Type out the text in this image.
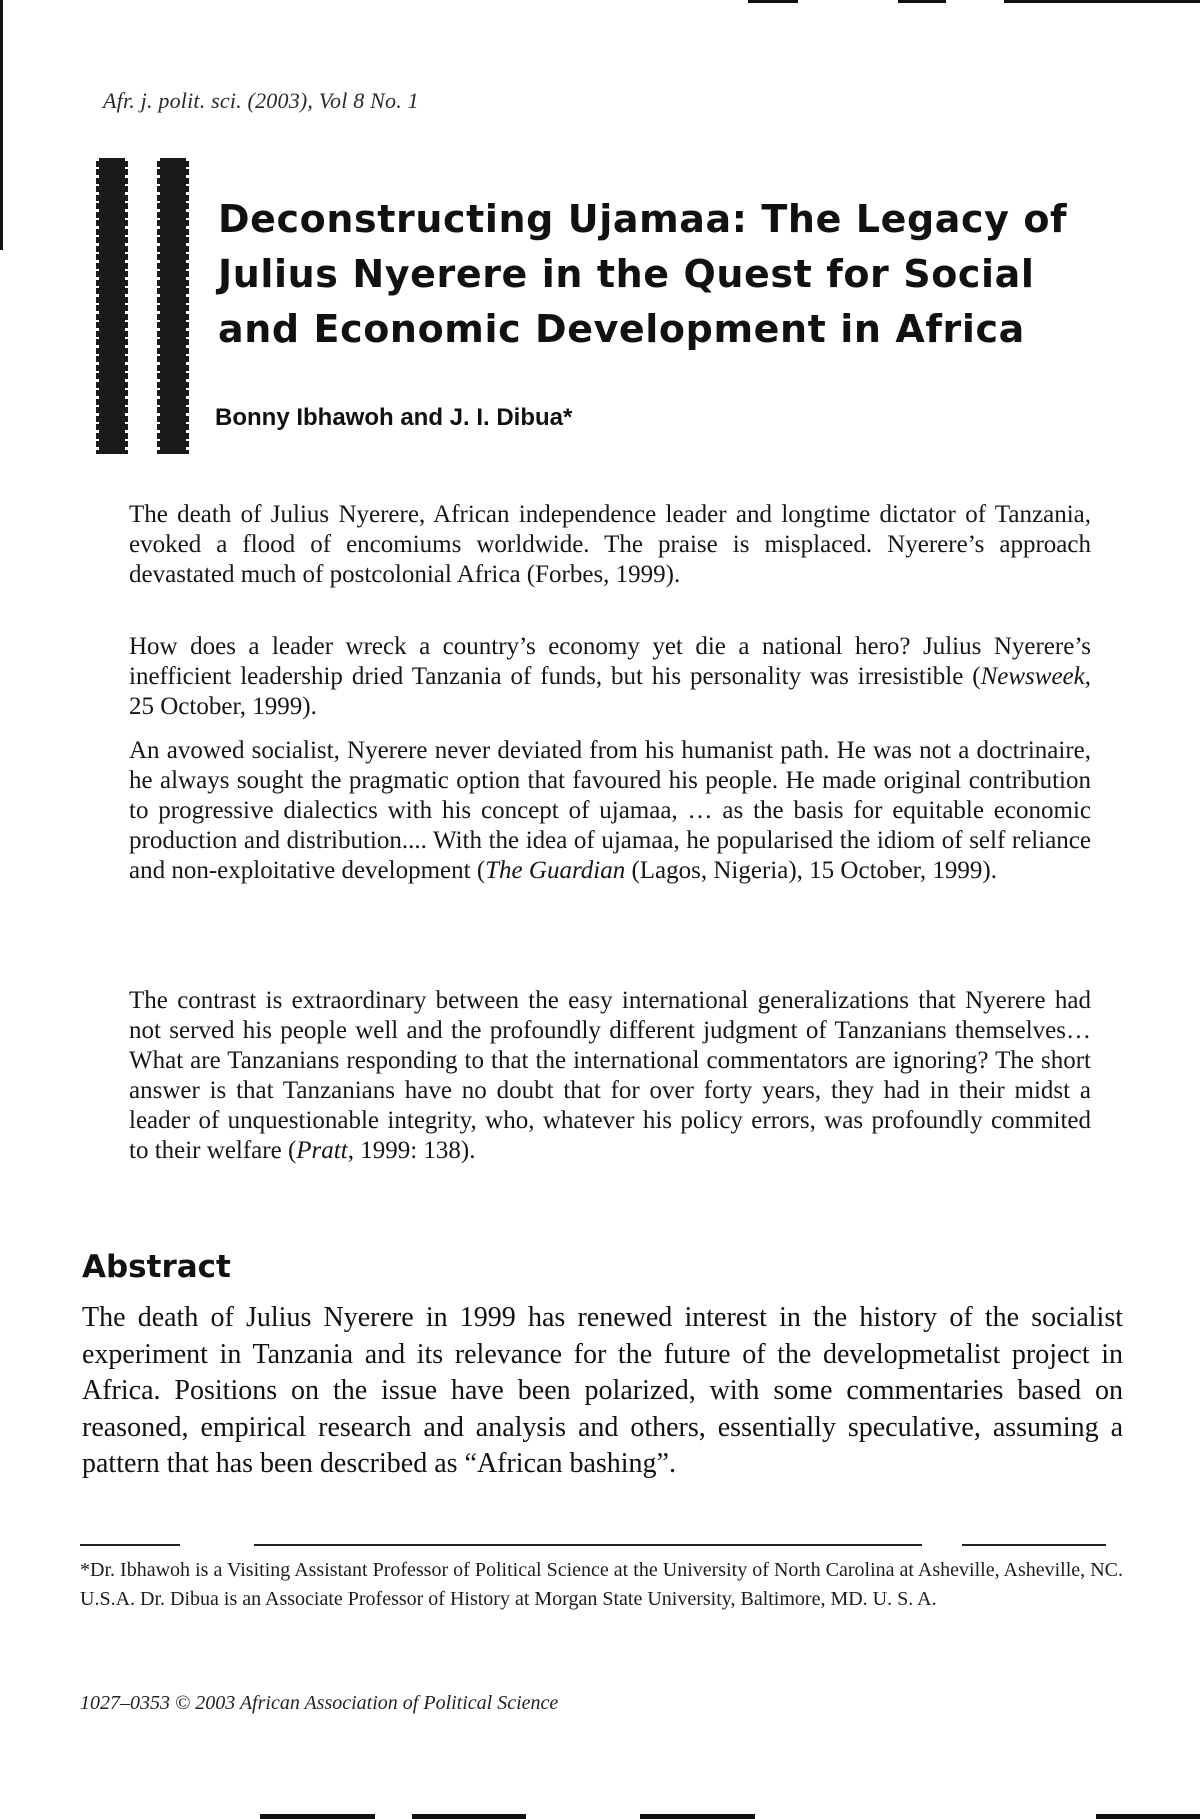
Afr. j. polit. sci. (2003), Vol 8 No. 1
Deconstructing Ujamaa: The Legacy of
Julius Nyerere in the Quest for Social
and Economic Development in Africa

Bonny Ibhawoh and J. I. Dibua*

The death of Julius Nyerere, African independence leader and longtime dictator of Tanzania, evoked a flood of encomiums worldwide. The praise is misplaced. Nyerere’s approach devastated much of postcolonial Africa (Forbes, 1999).

How does a leader wreck a country’s economy yet die a national hero? Julius Nyerere’s inefficient leadership dried Tanzania of funds, but his personality was irresistible (Newsweek, 25 October, 1999).

An avowed socialist, Nyerere never deviated from his humanist path. He was not a doctrinaire, he always sought the pragmatic option that favoured his people. He made original contribution to progressive dialectics with his concept of ujamaa, … as the basis for equitable economic production and distribution.... With the idea of ujamaa, he popularised the idiom of self reliance and non-exploitative development (The Guardian (Lagos, Nigeria), 15 October, 1999).

The contrast is extraordinary between the easy international generalizations that Nyerere had not served his people well and the profoundly different judgment of Tanzanians themselves…What are Tanzanians responding to that the international commentators are ignoring? The short answer is that Tanzanians have no doubt that for over forty years, they had in their midst a leader of unquestionable integrity, who, whatever his policy errors, was profoundly commited to their welfare (Pratt, 1999: 138).

Abstract

The death of Julius Nyerere in 1999 has renewed interest in the history of the socialist experiment in Tanzania and its relevance for the future of the developmetalist project in Africa. Positions on the issue have been polarized, with some commentaries based on reasoned, empirical research and analysis and others, essentially speculative, assuming a pattern that has been described as “African bashing”.

*Dr. Ibhawoh is a Visiting Assistant Professor of Political Science at the University of North Carolina at Asheville, Asheville, NC. U.S.A. Dr. Dibua is an Associate Professor of History at Morgan State University, Baltimore, MD. U. S. A.

1027–0353 © 2003 African Association of Political Science
